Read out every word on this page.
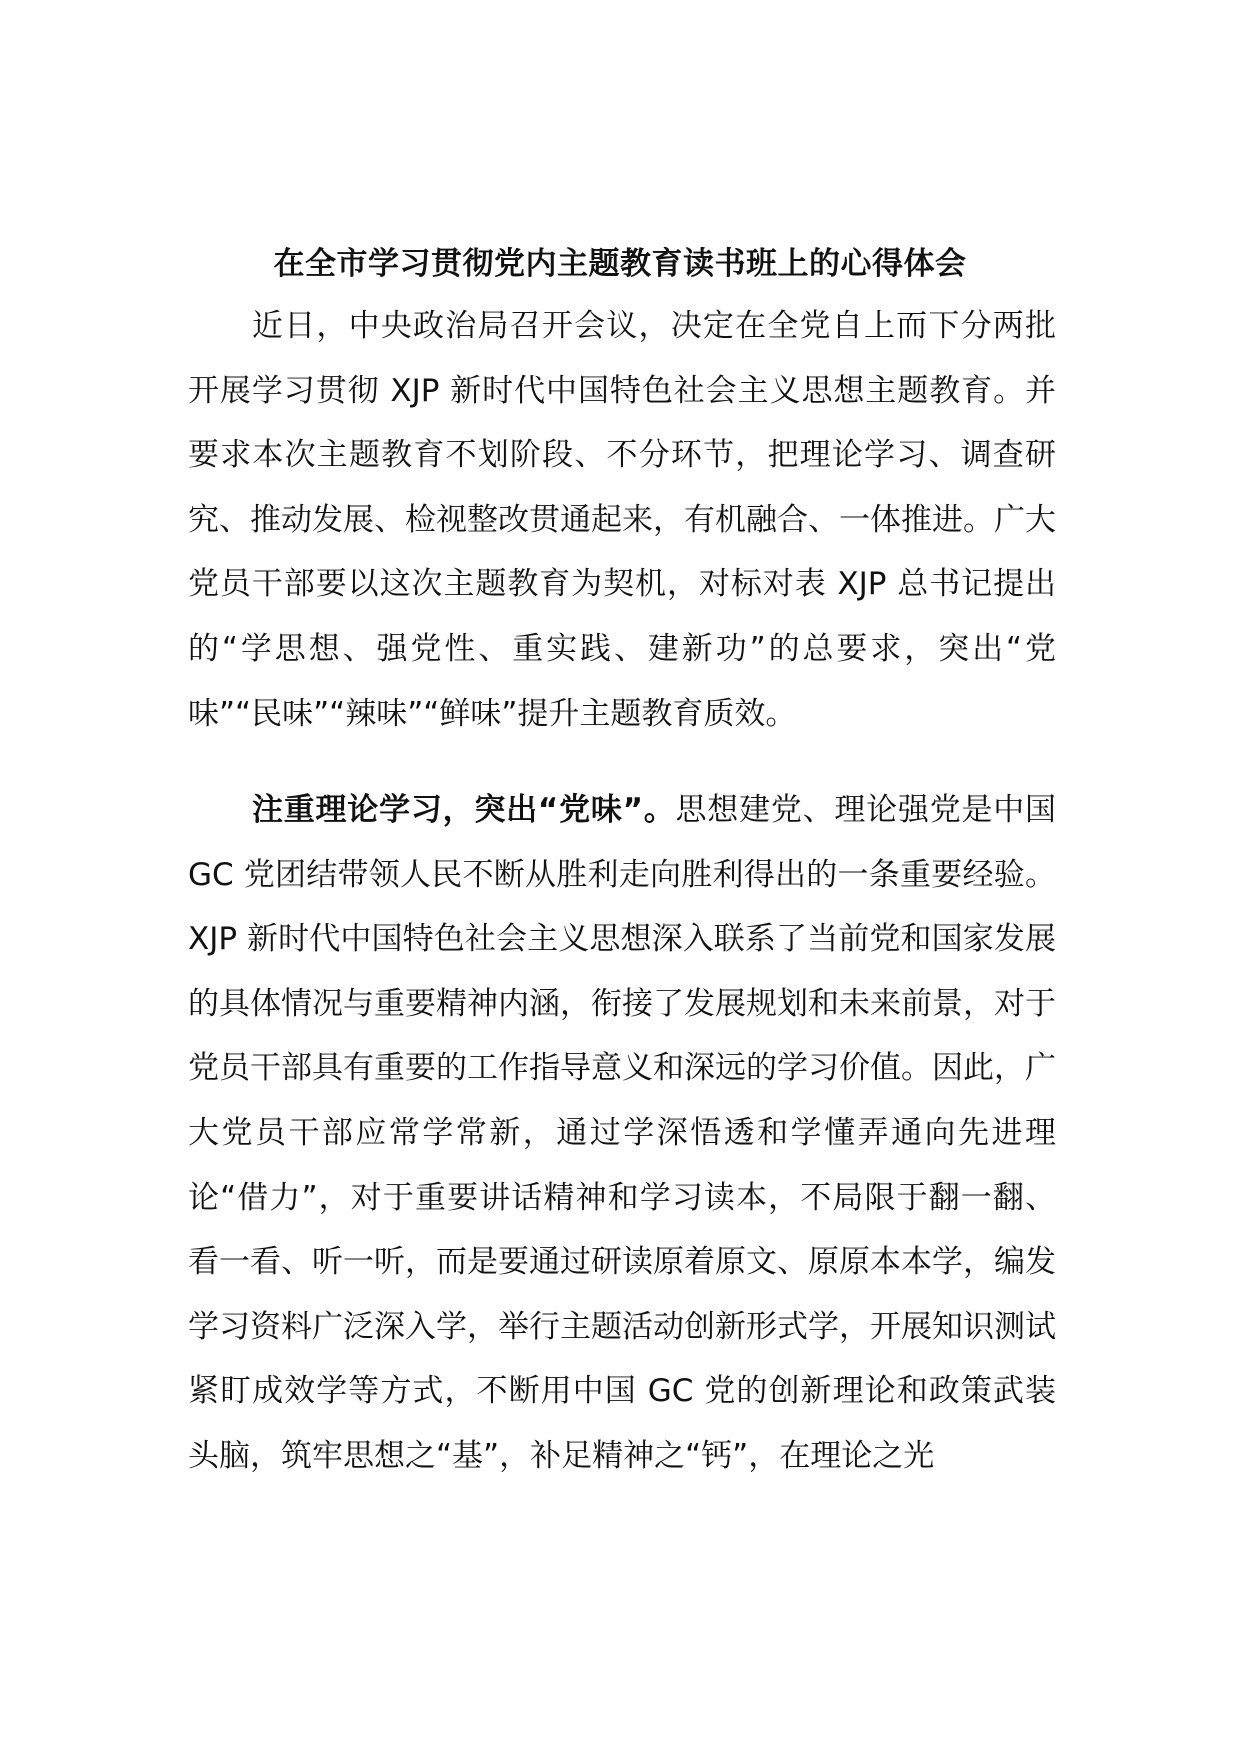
在全市学习贯彻党内主题教育读书班上的心得体会

近日，中央政治局召开会议，决定在全党自上而下分两批开展学习贯彻 XJP 新时代中国特色社会主义思想主题教育。并要求本次主题教育不划阶段、不分环节，把理论学习、调查研究、推动发展、检视整改贯通起来，有机融合、一体推进。广大党员干部要以这次主题教育为契机，对标对表 XJP 总书记提出的“学思想、强党性、重实践、建新功”的总要求，突出“党味”“民味”“辣味”“鲜味”提升主题教育质效。

注重理论学习，突出“党味”。思想建党、理论强党是中国 GC 党团结带领人民不断从胜利走向胜利得出的一条重要经验。XJP 新时代中国特色社会主义思想深入联系了当前党和国家发展的具体情况与重要精神内涵，衔接了发展规划和未来前景，对于党员干部具有重要的工作指导意义和深远的学习价值。因此，广大党员干部应常学常新，通过学深悟透和学懂弄通向先进理论“借力”，对于重要讲话精神和学习读本，不局限于翻一翻、看一看、听一听，而是要通过研读原着原文、原原本本学，编发学习资料广泛深入学，举行主题活动创新形式学，开展知识测试紧盯成效学等方式，不断用中国 GC 党的创新理论和政策武装头脑，筑牢思想之“基”，补足精神之“钙”，在理论之光
